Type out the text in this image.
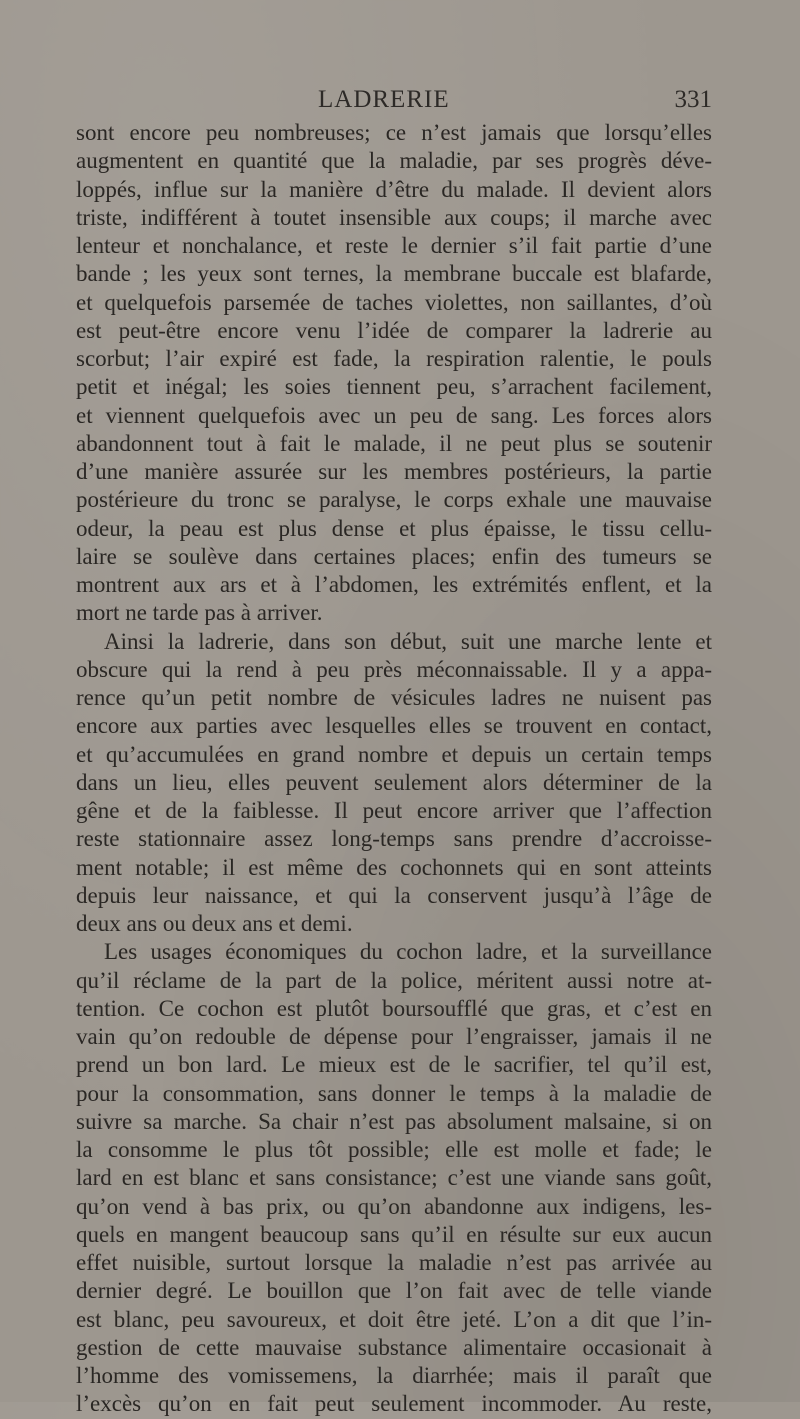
LADRERIE	331
sont encore peu nombreuses; ce n’est jamais que lorsqu’elles
augmentent en quantité que la maladie, par ses progrès déve-
loppés, influe sur la manière d’être du malade. Il devient alors
triste, indifférent à toutet insensible aux coups; il marche avec
lenteur et nonchalance, et reste le dernier s’il fait partie d’une
bande ; les yeux sont ternes, la membrane buccale est blafarde,
et quelquefois parsemée de taches violettes, non saillantes, d’où
est peut-être encore venu l’idée de comparer la ladrerie au
scorbut; l’air expiré est fade, la respiration ralentie, le pouls
petit et inégal; les soies tiennent peu, s’arrachent facilement,
et viennent quelquefois avec un peu de sang. Les forces alors
abandonnent tout à fait le malade, il ne peut plus se soutenir
d’une manière assurée sur les membres postérieurs, la partie
postérieure du tronc se paralyse, le corps exhale une mauvaise
odeur, la peau est plus dense et plus épaisse, le tissu cellu-
laire se soulève dans certaines places; enfin des tumeurs se
montrent aux ars et à l’abdomen, les extrémités enflent, et la
mort ne tarde pas à arriver.
Ainsi la ladrerie, dans son début, suit une marche lente et
obscure qui la rend à peu près méconnaissable. Il y a appa-
rence qu’un petit nombre de vésicules ladres ne nuisent pas
encore aux parties avec lesquelles elles se trouvent en contact,
et qu’accumulées en grand nombre et depuis un certain temps
dans un lieu, elles peuvent seulement alors déterminer de la
gêne et de la faiblesse. Il peut encore arriver que l’affection
reste stationnaire assez long-temps sans prendre d’accroisse-
ment notable; il est même des cochonnets qui en sont atteints
depuis leur naissance, et qui la conservent jusqu’à l’âge de
deux ans ou deux ans et demi.
Les usages économiques du cochon ladre, et la surveillance
qu’il réclame de la part de la police, méritent aussi notre at-
tention. Ce cochon est plutôt boursoufflé que gras, et c’est en
vain qu’on redouble de dépense pour l’engraisser, jamais il ne
prend un bon lard. Le mieux est de le sacrifier, tel qu’il est,
pour la consommation, sans donner le temps à la maladie de
suivre sa marche. Sa chair n’est pas absolument malsaine, si on
la consomme le plus tôt possible; elle est molle et fade; le
lard en est blanc et sans consistance; c’est une viande sans goût,
qu’on vend à bas prix, ou qu’on abandonne aux indigens, les-
quels en mangent beaucoup sans qu’il en résulte sur eux aucun
effet nuisible, surtout lorsque la maladie n’est pas arrivée au
dernier degré. Le bouillon que l’on fait avec de telle viande
est blanc, peu savoureux, et doit être jeté. L’on a dit que l’in-
gestion de cette mauvaise substance alimentaire occasionait à
l’homme des vomissemens, la diarrhée; mais il paraît que
l’excès qu’on en fait peut seulement incommoder. Au reste,
